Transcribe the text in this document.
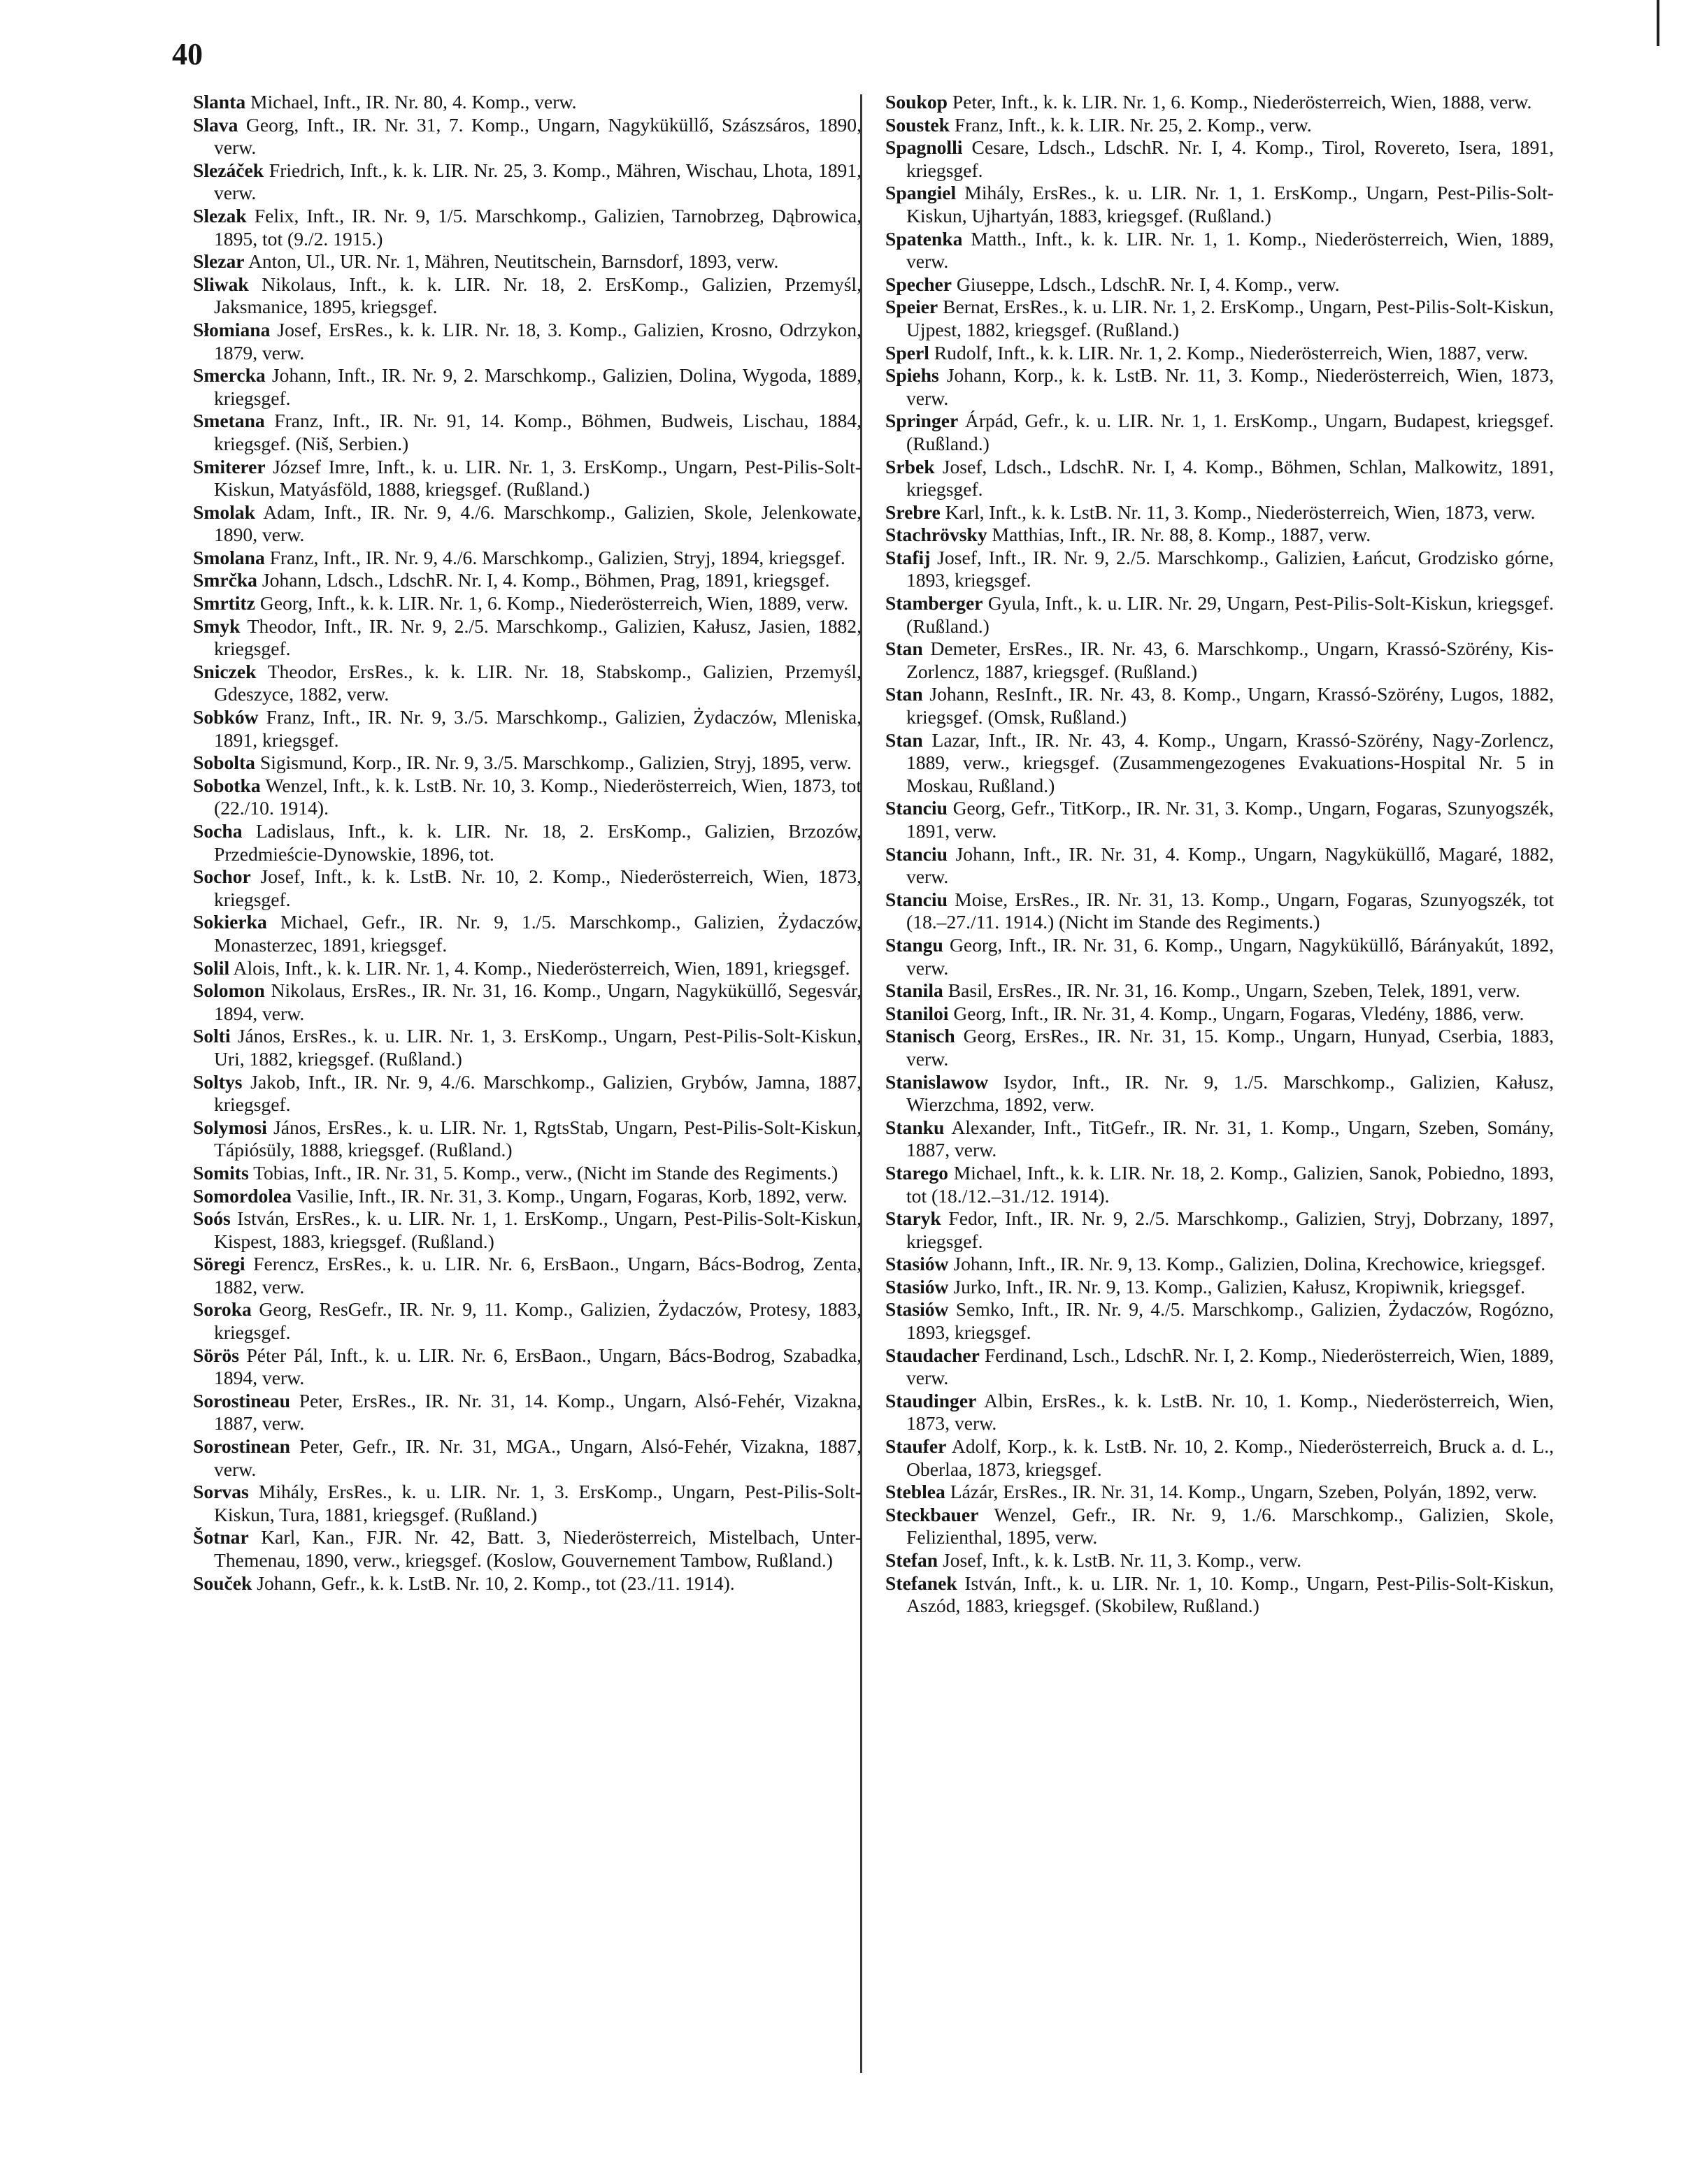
40
Slanta Michael, Inft., IR. Nr. 80, 4. Komp., verw.
Slava Georg, Inft., IR. Nr. 31, 7. Komp., Ungarn, Nagyküküllő, Szászsáros, 1890, verw.
Slezáček Friedrich, Inft., k. k. LIR. Nr. 25, 3. Komp., Mähren, Wischau, Lhota, 1891, verw.
Slezak Felix, Inft., IR. Nr. 9, 1/5. Marschkomp., Galizien, Tarnobrzeg, Dąbrowica, 1895, tot (9./2. 1915.)
Slezar Anton, Ul., UR. Nr. 1, Mähren, Neutitschein, Barnsdorf, 1893, verw.
Sliwak Nikolaus, Inft., k. k. LIR. Nr. 18, 2. ErsKomp., Galizien, Przemyśl, Jaksmanice, 1895, kriegsgef.
Słomiana Josef, ErsRes., k. k. LIR. Nr. 18, 3. Komp., Galizien, Krosno, Odrzykon, 1879, verw.
Smercka Johann, Inft., IR. Nr. 9, 2. Marschkomp., Galizien, Dolina, Wygoda, 1889, kriegsgef.
Smetana Franz, Inft., IR. Nr. 91, 14. Komp., Böhmen, Budweis, Lischau, 1884, kriegsgef. (Niš, Serbien.)
Smiterer József Imre, Inft., k. u. LIR. Nr. 1, 3. ErsKomp., Ungarn, Pest-Pilis-Solt-Kiskun, Matyásföld, 1888, kriegsgef. (Rußland.)
Smolak Adam, Inft., IR. Nr. 9, 4./6. Marschkomp., Galizien, Skole, Jelenkowate, 1890, verw.
Smolana Franz, Inft., IR. Nr. 9, 4./6. Marschkomp., Galizien, Stryj, 1894, kriegsgef.
Smrčka Johann, Ldsch., LdschR. Nr. I, 4. Komp., Böhmen, Prag, 1891, kriegsgef.
Smrtitz Georg, Inft., k. k. LIR. Nr. 1, 6. Komp., Niederösterreich, Wien, 1889, verw.
Smyk Theodor, Inft., IR. Nr. 9, 2./5. Marschkomp., Galizien, Kałusz, Jasien, 1882, kriegsgef.
Sniczek Theodor, ErsRes., k. k. LIR. Nr. 18, Stabskomp., Galizien, Przemyśl, Gdeszyce, 1882, verw.
Sobków Franz, Inft., IR. Nr. 9, 3./5. Marschkomp., Galizien, Żydaczów, Mleniska, 1891, kriegsgef.
Sobolta Sigismund, Korp., IR. Nr. 9, 3./5. Marschkomp., Galizien, Stryj, 1895, verw.
Sobotka Wenzel, Inft., k. k. LstB. Nr. 10, 3. Komp., Niederösterreich, Wien, 1873, tot (22./10. 1914).
Socha Ladislaus, Inft., k. k. LIR. Nr. 18, 2. ErsKomp., Galizien, Brzozów, Przedmieście-Dynowskie, 1896, tot.
Sochor Josef, Inft., k. k. LstB. Nr. 10, 2. Komp., Niederösterreich, Wien, 1873, kriegsgef.
Sokierka Michael, Gefr., IR. Nr. 9, 1./5. Marschkomp., Galizien, Żydaczów, Monasterzec, 1891, kriegsgef.
Solil Alois, Inft., k. k. LIR. Nr. 1, 4. Komp., Niederösterreich, Wien, 1891, kriegsgef.
Solomon Nikolaus, ErsRes., IR. Nr. 31, 16. Komp., Ungarn, Nagyküküllő, Segesvár, 1894, verw.
Solti János, ErsRes., k. u. LIR. Nr. 1, 3. ErsKomp., Ungarn, Pest-Pilis-Solt-Kiskun, Uri, 1882, kriegsgef. (Rußland.)
Soltys Jakob, Inft., IR. Nr. 9, 4./6. Marschkomp., Galizien, Grybów, Jamna, 1887, kriegsgef.
Solymosi János, ErsRes., k. u. LIR. Nr. 1, RgtsStab, Ungarn, Pest-Pilis-Solt-Kiskun, Tápiósüly, 1888, kriegsgef. (Rußland.)
Somits Tobias, Inft., IR. Nr. 31, 5. Komp., verw., (Nicht im Stande des Regiments.)
Somordolea Vasilie, Inft., IR. Nr. 31, 3. Komp., Ungarn, Fogaras, Korb, 1892, verw.
Soós István, ErsRes., k. u. LIR. Nr. 1, 1. ErsKomp., Ungarn, Pest-Pilis-Solt-Kiskun, Kispest, 1883, kriegsgef. (Rußland.)
Söregi Ferencz, ErsRes., k. u. LIR. Nr. 6, ErsBaon., Ungarn, Bács-Bodrog, Zenta, 1882, verw.
Soroka Georg, ResGefr., IR. Nr. 9, 11. Komp., Galizien, Żydaczów, Protesy, 1883, kriegsgef.
Sörös Péter Pál, Inft., k. u. LIR. Nr. 6, ErsBaon., Ungarn, Bács-Bodrog, Szabadka, 1894, verw.
Sorostineau Peter, ErsRes., IR. Nr. 31, 14. Komp., Ungarn, Alsó-Fehér, Vizakna, 1887, verw.
Sorostinean Peter, Gefr., IR. Nr. 31, MGA., Ungarn, Alsó-Fehér, Vizakna, 1887, verw.
Sorvas Mihály, ErsRes., k. u. LIR. Nr. 1, 3. ErsKomp., Ungarn, Pest-Pilis-Solt-Kiskun, Tura, 1881, kriegsgef. (Rußland.)
Šotnar Karl, Kan., FJR. Nr. 42, Batt. 3, Niederösterreich, Mistelbach, Unter-Themenau, 1890, verw., kriegsgef. (Koslow, Gouvernement Tambow, Rußland.)
Souček Johann, Gefr., k. k. LstB. Nr. 10, 2. Komp., tot (23./11. 1914).
Soukop Peter, Inft., k. k. LIR. Nr. 1, 6. Komp., Niederösterreich, Wien, 1888, verw.
Soustek Franz, Inft., k. k. LIR. Nr. 25, 2. Komp., verw.
Spagnolli Cesare, Ldsch., LdschR. Nr. I, 4. Komp., Tirol, Rovereto, Isera, 1891, kriegsgef.
Spangiel Mihály, ErsRes., k. u. LIR. Nr. 1, 1. ErsKomp., Ungarn, Pest-Pilis-Solt-Kiskun, Ujhartyán, 1883, kriegsgef. (Rußland.)
Spatenka Matth., Inft., k. k. LIR. Nr. 1, 1. Komp., Niederösterreich, Wien, 1889, verw.
Specher Giuseppe, Ldsch., LdschR. Nr. I, 4. Komp., verw.
Speier Bernat, ErsRes., k. u. LIR. Nr. 1, 2. ErsKomp., Ungarn, Pest-Pilis-Solt-Kiskun, Ujpest, 1882, kriegsgef. (Rußland.)
Sperl Rudolf, Inft., k. k. LIR. Nr. 1, 2. Komp., Niederösterreich, Wien, 1887, verw.
Spiehs Johann, Korp., k. k. LstB. Nr. 11, 3. Komp., Niederösterreich, Wien, 1873, verw.
Springer Árpád, Gefr., k. u. LIR. Nr. 1, 1. ErsKomp., Ungarn, Budapest, kriegsgef. (Rußland.)
Srbek Josef, Ldsch., LdschR. Nr. I, 4. Komp., Böhmen, Schlan, Malkowitz, 1891, kriegsgef.
Srebre Karl, Inft., k. k. LstB. Nr. 11, 3. Komp., Niederösterreich, Wien, 1873, verw.
Stachrövsky Matthias, Inft., IR. Nr. 88, 8. Komp., 1887, verw.
Stafij Josef, Inft., IR. Nr. 9, 2./5. Marschkomp., Galizien, Łańcut, Grodzisko górne, 1893, kriegsgef.
Stamberger Gyula, Inft., k. u. LIR. Nr. 29, Ungarn, Pest-Pilis-Solt-Kiskun, kriegsgef. (Rußland.)
Stan Demeter, ErsRes., IR. Nr. 43, 6. Marschkomp., Ungarn, Krassó-Szörény, Kis-Zorlencz, 1887, kriegsgef. (Rußland.)
Stan Johann, ResInft., IR. Nr. 43, 8. Komp., Ungarn, Krassó-Szörény, Lugos, 1882, kriegsgef. (Omsk, Rußland.)
Stan Lazar, Inft., IR. Nr. 43, 4. Komp., Ungarn, Krassó-Szörény, Nagy-Zorlencz, 1889, verw., kriegsgef. (Zusammengezogenes Evakuations-Hospital Nr. 5 in Moskau, Rußland.)
Stanciu Georg, Gefr., TitKorp., IR. Nr. 31, 3. Komp., Ungarn, Fogaras, Szunyogszék, 1891, verw.
Stanciu Johann, Inft., IR. Nr. 31, 4. Komp., Ungarn, Nagyküküllő, Magaré, 1882, verw.
Stanciu Moise, ErsRes., IR. Nr. 31, 13. Komp., Ungarn, Fogaras, Szunyogszék, tot (18.–27./11. 1914.) (Nicht im Stande des Regiments.)
Stangu Georg, Inft., IR. Nr. 31, 6. Komp., Ungarn, Nagyküküllő, Bárányakút, 1892, verw.
Stanila Basil, ErsRes., IR. Nr. 31, 16. Komp., Ungarn, Szeben, Telek, 1891, verw.
Staniloi Georg, Inft., IR. Nr. 31, 4. Komp., Ungarn, Fogaras, Vledény, 1886, verw.
Stanisch Georg, ErsRes., IR. Nr. 31, 15. Komp., Ungarn, Hunyad, Cserbia, 1883, verw.
Stanislawow Isydor, Inft., IR. Nr. 9, 1./5. Marschkomp., Galizien, Kałusz, Wierzchma, 1892, verw.
Stanku Alexander, Inft., TitGefr., IR. Nr. 31, 1. Komp., Ungarn, Szeben, Somány, 1887, verw.
Starego Michael, Inft., k. k. LIR. Nr. 18, 2. Komp., Galizien, Sanok, Pobiedno, 1893, tot (18./12.–31./12. 1914).
Staryk Fedor, Inft., IR. Nr. 9, 2./5. Marschkomp., Galizien, Stryj, Dobrzany, 1897, kriegsgef.
Stasiów Johann, Inft., IR. Nr. 9, 13. Komp., Galizien, Dolina, Krechowice, kriegsgef.
Stasiów Jurko, Inft., IR. Nr. 9, 13. Komp., Galizien, Kałusz, Kropiwnik, kriegsgef.
Stasiów Semko, Inft., IR. Nr. 9, 4./5. Marschkomp., Galizien, Żydaczów, Rogózno, 1893, kriegsgef.
Staudacher Ferdinand, Lsch., LdschR. Nr. I, 2. Komp., Niederösterreich, Wien, 1889, verw.
Staudinger Albin, ErsRes., k. k. LstB. Nr. 10, 1. Komp., Niederösterreich, Wien, 1873, verw.
Staufer Adolf, Korp., k. k. LstB. Nr. 10, 2. Komp., Niederösterreich, Bruck a. d. L., Oberlaa, 1873, kriegsgef.
Steblea Lázár, ErsRes., IR. Nr. 31, 14. Komp., Ungarn, Szeben, Polyán, 1892, verw.
Steckbauer Wenzel, Gefr., IR. Nr. 9, 1./6. Marschkomp., Galizien, Skole, Felizienthal, 1895, verw.
Stefan Josef, Inft., k. k. LstB. Nr. 11, 3. Komp., verw.
Stefanek István, Inft., k. u. LIR. Nr. 1, 10. Komp., Ungarn, Pest-Pilis-Solt-Kiskun, Aszód, 1883, kriegsgef. (Skobilew, Rußland.)
